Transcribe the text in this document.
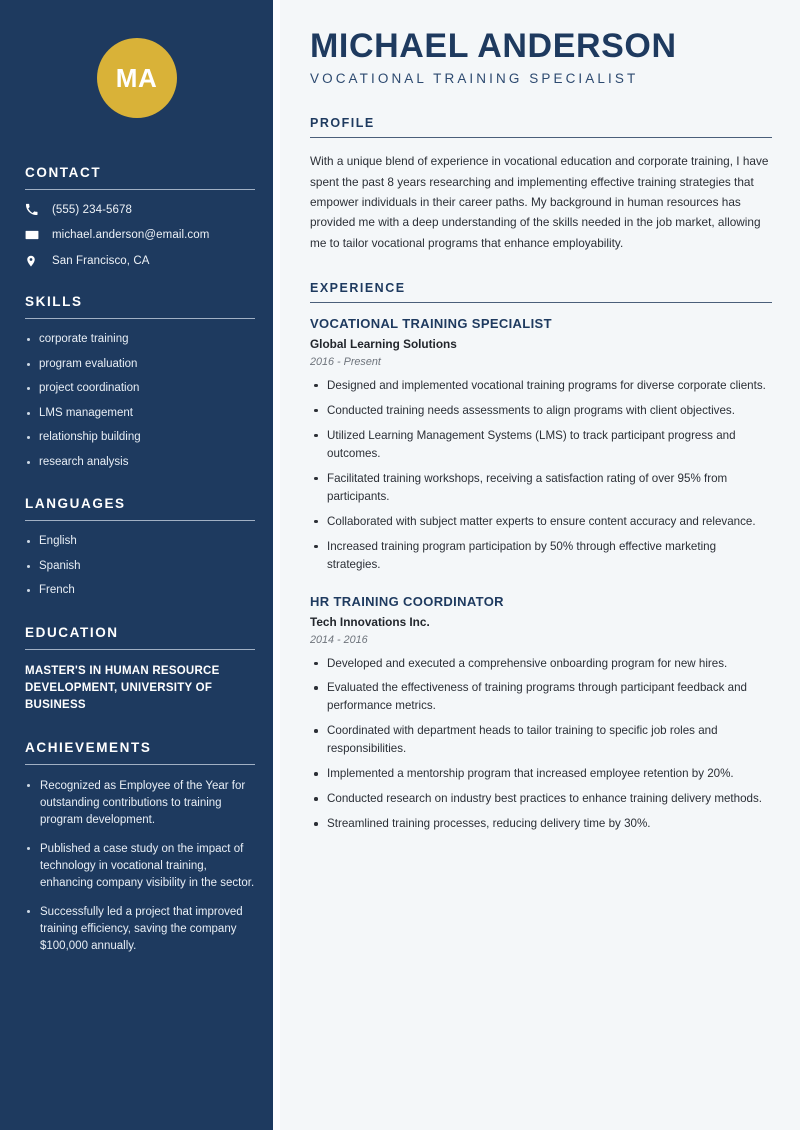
MA
CONTACT
(555) 234-5678
michael.anderson@email.com
San Francisco, CA
SKILLS
corporate training
program evaluation
project coordination
LMS management
relationship building
research analysis
LANGUAGES
English
Spanish
French
EDUCATION
MASTER'S IN HUMAN RESOURCE DEVELOPMENT, UNIVERSITY OF BUSINESS
ACHIEVEMENTS
Recognized as Employee of the Year for outstanding contributions to training program development.
Published a case study on the impact of technology in vocational training, enhancing company visibility in the sector.
Successfully led a project that improved training efficiency, saving the company $100,000 annually.
MICHAEL ANDERSON
VOCATIONAL TRAINING SPECIALIST
PROFILE

With a unique blend of experience in vocational education and corporate training, I have spent the past 8 years researching and implementing effective training strategies that empower individuals in their career paths. My background in human resources has provided me with a deep understanding of the skills needed in the job market, allowing me to tailor vocational programs that enhance employability.

EXPERIENCE
VOCATIONAL TRAINING SPECIALIST
Global Learning Solutions
2016 - Present
Designed and implemented vocational training programs for diverse corporate clients.
Conducted training needs assessments to align programs with client objectives.
Utilized Learning Management Systems (LMS) to track participant progress and outcomes.
Facilitated training workshops, receiving a satisfaction rating of over 95% from participants.
Collaborated with subject matter experts to ensure content accuracy and relevance.
Increased training program participation by 50% through effective marketing strategies.
HR TRAINING COORDINATOR
Tech Innovations Inc.
2014 - 2016
Developed and executed a comprehensive onboarding program for new hires.
Evaluated the effectiveness of training programs through participant feedback and performance metrics.
Coordinated with department heads to tailor training to specific job roles and responsibilities.
Implemented a mentorship program that increased employee retention by 20%.
Conducted research on industry best practices to enhance training delivery methods.
Streamlined training processes, reducing delivery time by 30%.
